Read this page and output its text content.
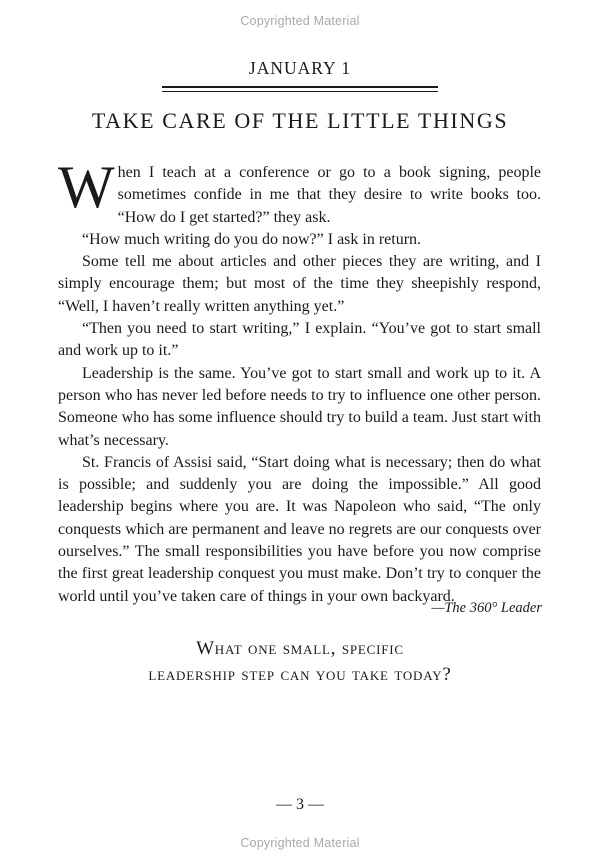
Copyrighted Material
JANUARY 1
TAKE CARE OF THE LITTLE THINGS

When I teach at a conference or go to a book signing, people sometimes confide in me that they desire to write books too. “How do I get started?” they ask.

“How much writing do you do now?” I ask in return.

Some tell me about articles and other pieces they are writing, and I simply encourage them; but most of the time they sheepishly respond, “Well, I haven’t really written anything yet.”

“Then you need to start writing,” I explain. “You’ve got to start small and work up to it.”

Leadership is the same. You’ve got to start small and work up to it. A person who has never led before needs to try to influence one other person. Someone who has some influence should try to build a team. Just start with what’s necessary.

St. Francis of Assisi said, “Start doing what is necessary; then do what is possible; and suddenly you are doing the impossible.” All good leadership begins where you are. It was Napoleon who said, “The only conquests which are permanent and leave no regrets are our conquests over ourselves.” The small responsibilities you have before you now comprise the first great leadership conquest you must make. Don’t try to conquer the world until you’ve taken care of things in your own backyard.

—The 360° Leader
What one small, specific
leadership step can you take today?
— 3 —
Copyrighted Material
